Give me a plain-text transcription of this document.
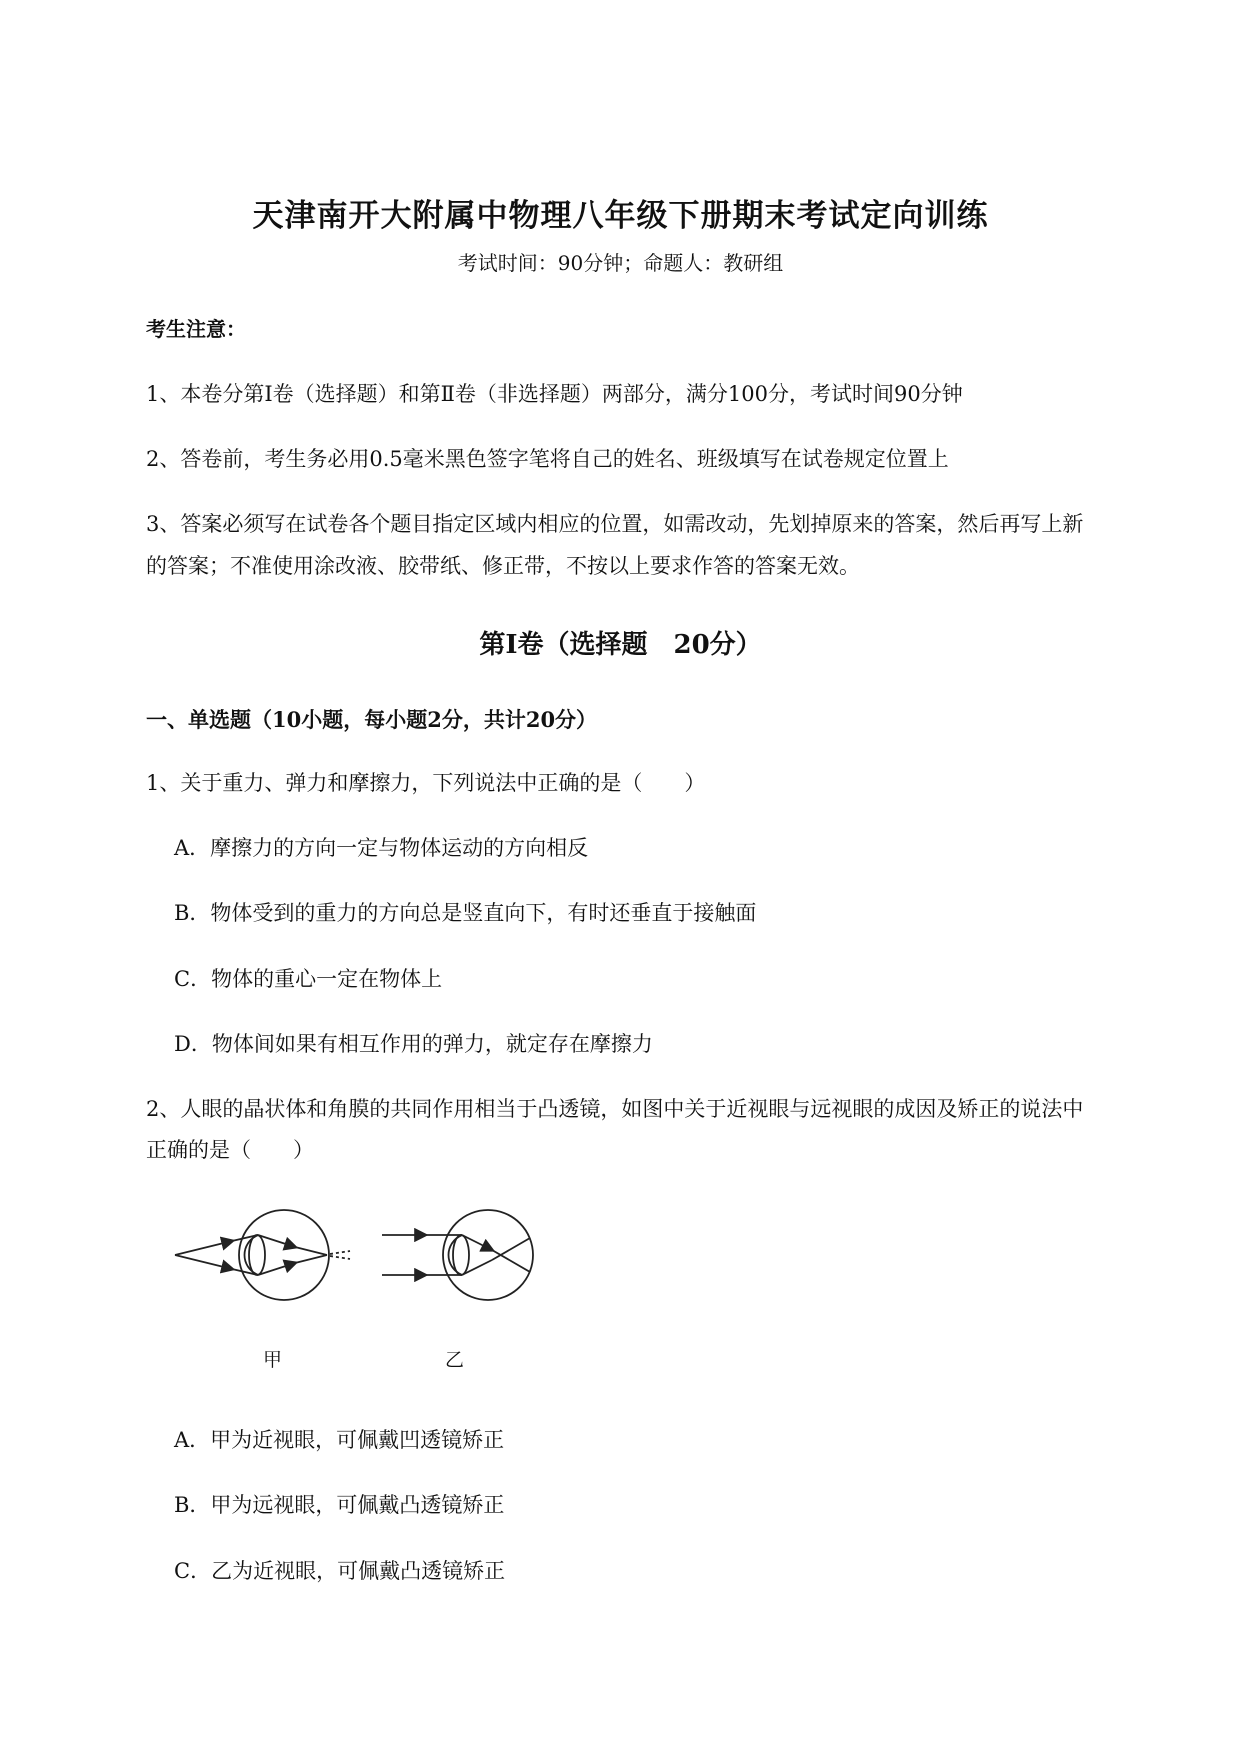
天津南开大附属中物理八年级下册期末考试定向训练
考试时间：90分钟；命题人：教研组
考生注意：
1、本卷分第I卷（选择题）和第Ⅱ卷（非选择题）两部分，满分100分，考试时间90分钟
2、答卷前，考生务必用0.5毫米黑色签字笔将自己的姓名、班级填写在试卷规定位置上
3、答案必须写在试卷各个题目指定区域内相应的位置，如需改动，先划掉原来的答案，然后再写上新
的答案；不准使用涂改液、胶带纸、修正带，不按以上要求作答的答案无效。
第I卷（选择题　20分）
一、单选题（10小题，每小题2分，共计20分）
1、关于重力、弹力和摩擦力，下列说法中正确的是（　　）
A．摩擦力的方向一定与物体运动的方向相反
B．物体受到的重力的方向总是竖直向下，有时还垂直于接触面
C．物体的重心一定在物体上
D．物体间如果有相互作用的弹力，就定存在摩擦力
2、人眼的晶状体和角膜的共同作用相当于凸透镜，如图中关于近视眼与远视眼的成因及矫正的说法中
正确的是（　　）
甲	乙
A．甲为近视眼，可佩戴凹透镜矫正
B．甲为远视眼，可佩戴凸透镜矫正
C．乙为近视眼，可佩戴凸透镜矫正
